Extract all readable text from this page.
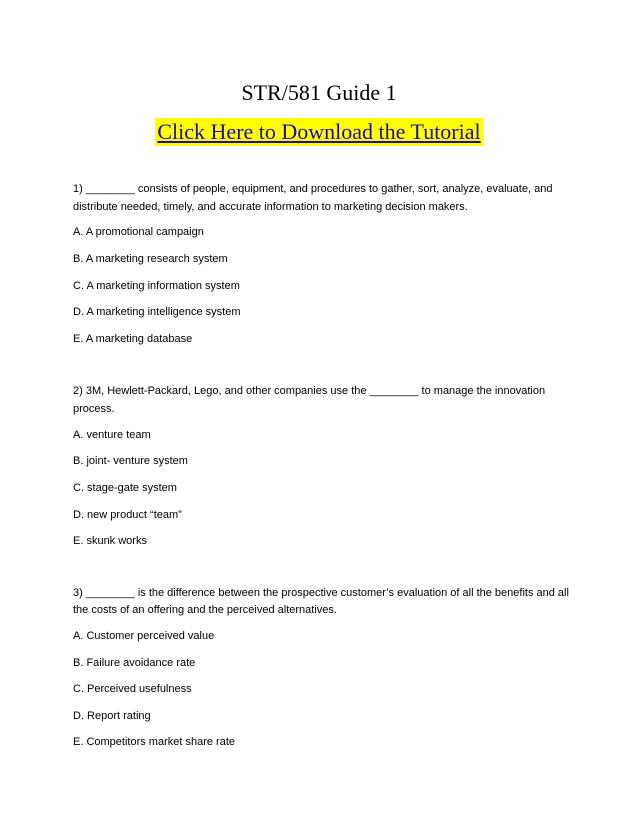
STR/581 Guide 1
Click Here to Download the Tutorial
1) ________ consists of people, equipment, and procedures to gather, sort, analyze, evaluate, and
distribute needed, timely, and accurate information to marketing decision makers.
A. A promotional campaign
B. A marketing research system
C. A marketing information system
D. A marketing intelligence system
E. A marketing database
2) 3M, Hewlett-Packard, Lego, and other companies use the ________ to manage the innovation
process.
A. venture team
B. joint- venture system
C. stage-gate system
D. new product “team”
E. skunk works
3) ________ is the difference between the prospective customer’s evaluation of all the benefits and all
the costs of an offering and the perceived alternatives.
A. Customer perceived value
B. Failure avoidance rate
C. Perceived usefulness
D. Report rating
E. Competitors market share rate
